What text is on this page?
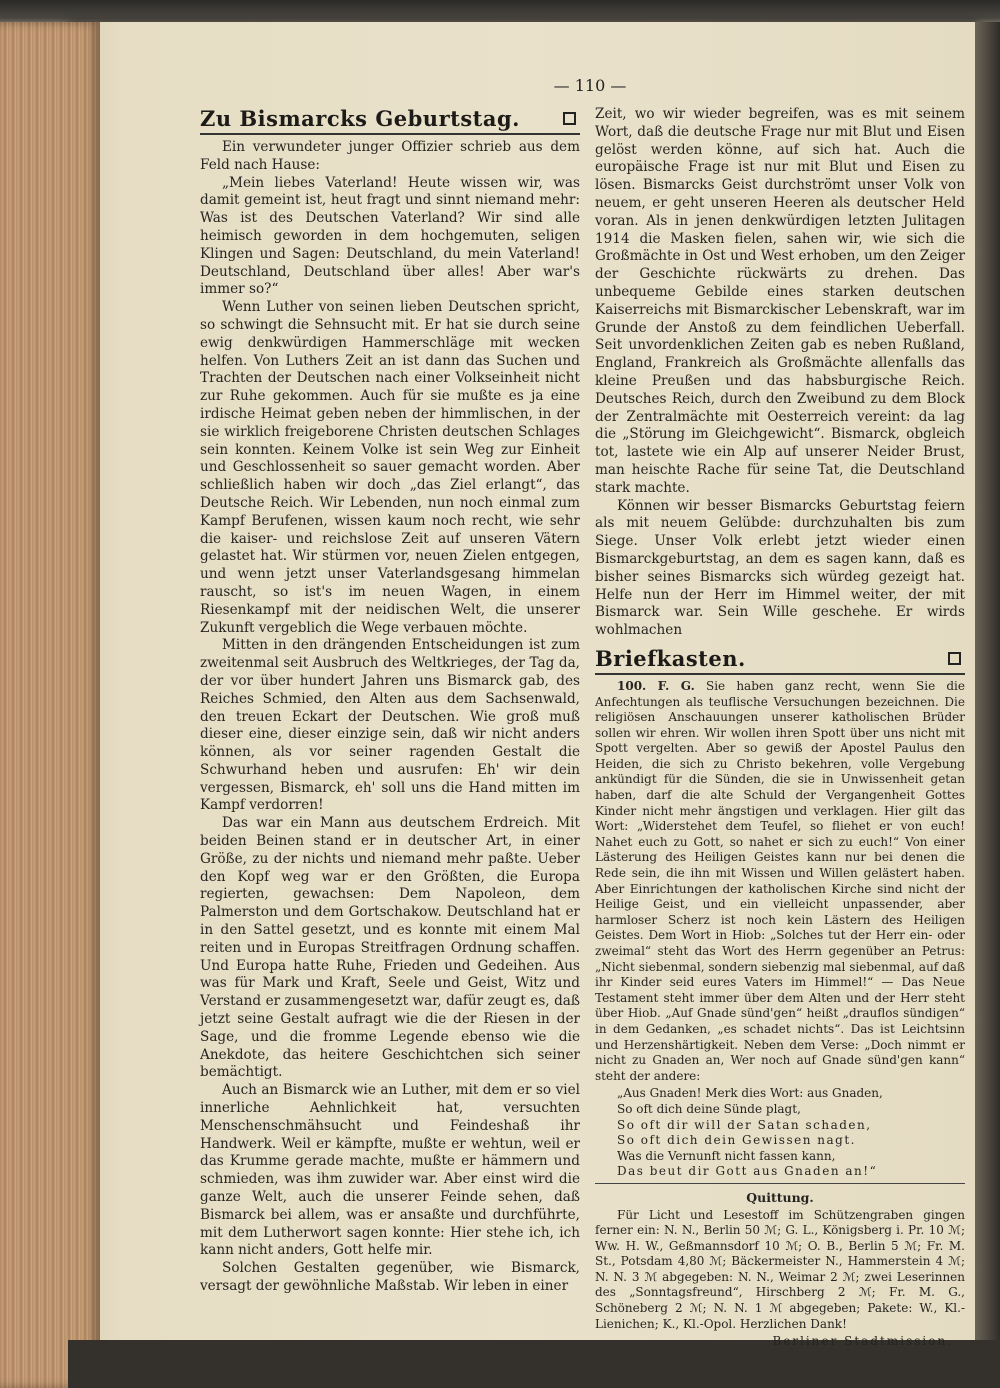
— 110 —
Zu Bismarcks Geburtstag.

Ein verwundeter junger Offizier schrieb aus dem Feld nach Hause:

„Mein liebes Vaterland! Heute wissen wir, was damit gemeint ist, heut fragt und sinnt niemand mehr: Was ist des Deutschen Vaterland? Wir sind alle heimisch geworden in dem hochgemuten, seligen Klingen und Sagen: Deutschland, du mein Vaterland! Deutschland, Deutschland über alles! Aber war's immer so?“

Wenn Luther von seinen lieben Deutschen spricht, so schwingt die Sehnsucht mit. Er hat sie durch seine ewig denkwürdigen Hammerschläge mit wecken helfen. Von Luthers Zeit an ist dann das Suchen und Trachten der Deutschen nach einer Volkseinheit nicht zur Ruhe gekommen. Auch für sie mußte es ja eine irdische Heimat geben neben der himmlischen, in der sie wirklich freigeborene Christen deutschen Schlages sein konnten. Keinem Volke ist sein Weg zur Einheit und Geschlossenheit so sauer gemacht worden. Aber schließlich haben wir doch „das Ziel erlangt“, das Deutsche Reich. Wir Lebenden, nun noch einmal zum Kampf Berufenen, wissen kaum noch recht, wie sehr die kaiser- und reichslose Zeit auf unseren Vätern gelastet hat. Wir stürmen vor, neuen Zielen entgegen, und wenn jetzt unser Vaterlandsgesang himmelan rauscht, so ist's im neuen Wagen, in einem Riesenkampf mit der neidischen Welt, die unserer Zukunft vergeblich die Wege verbauen möchte.

Mitten in den drängenden Entscheidungen ist zum zweitenmal seit Ausbruch des Weltkrieges, der Tag da, der vor über hundert Jahren uns Bismarck gab, des Reiches Schmied, den Alten aus dem Sachsenwald, den treuen Eckart der Deutschen. Wie groß muß dieser eine, dieser einzige sein, daß wir nicht anders können, als vor seiner ragenden Gestalt die Schwurhand heben und ausrufen: Eh' wir dein vergessen, Bismarck, eh' soll uns die Hand mitten im Kampf verdorren!

Das war ein Mann aus deutschem Erdreich. Mit beiden Beinen stand er in deutscher Art, in einer Größe, zu der nichts und niemand mehr paßte. Ueber den Kopf weg war er den Größten, die Europa regierten, gewachsen: Dem Napoleon, dem Palmerston und dem Gortschakow. Deutschland hat er in den Sattel gesetzt, und es konnte mit einem Mal reiten und in Europas Streitfragen Ordnung schaffen. Und Europa hatte Ruhe, Frieden und Gedeihen. Aus was für Mark und Kraft, Seele und Geist, Witz und Verstand er zusammengesetzt war, dafür zeugt es, daß jetzt seine Gestalt aufragt wie die der Riesen in der Sage, und die fromme Legende ebenso wie die Anekdote, das heitere Geschichtchen sich seiner bemächtigt.

Auch an Bismarck wie an Luther, mit dem er so viel innerliche Aehnlichkeit hat, versuchten Menschenschmähsucht und Feindeshaß ihr Handwerk. Weil er kämpfte, mußte er wehtun, weil er das Krumme gerade machte, mußte er hämmern und schmieden, was ihm zuwider war. Aber einst wird die ganze Welt, auch die unserer Feinde sehen, daß Bismarck bei allem, was er ansaßte und durchführte, mit dem Lutherwort sagen konnte: Hier stehe ich, ich kann nicht anders, Gott helfe mir.

Solchen Gestalten gegenüber, wie Bismarck, versagt der gewöhnliche Maßstab. Wir leben in einer

Zeit, wo wir wieder begreifen, was es mit seinem Wort, daß die deutsche Frage nur mit Blut und Eisen gelöst werden könne, auf sich hat. Auch die europäische Frage ist nur mit Blut und Eisen zu lösen. Bismarcks Geist durchströmt unser Volk von neuem, er geht unseren Heeren als deutscher Held voran. Als in jenen denkwürdigen letzten Julitagen 1914 die Masken fielen, sahen wir, wie sich die Großmächte in Ost und West erhoben, um den Zeiger der Geschichte rückwärts zu drehen. Das unbequeme Gebilde eines starken deutschen Kaiserreichs mit Bismarckischer Lebenskraft, war im Grunde der Anstoß zu dem feindlichen Ueberfall. Seit unvordenklichen Zeiten gab es neben Rußland, England, Frankreich als Großmächte allenfalls das kleine Preußen und das habsburgische Reich. Deutsches Reich, durch den Zweibund zu dem Block der Zentralmächte mit Oesterreich vereint: da lag die „Störung im Gleichgewicht“. Bismarck, obgleich tot, lastete wie ein Alp auf unserer Neider Brust, man heischte Rache für seine Tat, die Deutschland stark machte.

Können wir besser Bismarcks Geburtstag feiern als mit neuem Gelübde: durchzuhalten bis zum Siege. Unser Volk erlebt jetzt wieder einen Bismarckgeburtstag, an dem es sagen kann, daß es bisher seines Bismarcks sich würdeg gezeigt hat. Helfe nun der Herr im Himmel weiter, der mit Bismarck war. Sein Wille geschehe. Er wirds wohlmachen

Briefkasten.

100. F. G. Sie haben ganz recht, wenn Sie die Anfechtungen als teuflische Versuchungen bezeichnen. Die religiösen Anschauungen unserer katholischen Brüder sollen wir ehren. Wir wollen ihren Spott über uns nicht mit Spott vergelten. Aber so gewiß der Apostel Paulus den Heiden, die sich zu Christo bekehren, volle Vergebung ankündigt für die Sünden, die sie in Unwissenheit getan haben, darf die alte Schuld der Vergangenheit Gottes Kinder nicht mehr ängstigen und verklagen. Hier gilt das Wort: „Widerstehet dem Teufel, so fliehet er von euch! Nahet euch zu Gott, so nahet er sich zu euch!“ Von einer Lästerung des Heiligen Geistes kann nur bei denen die Rede sein, die ihn mit Wissen und Willen gelästert haben. Aber Einrichtungen der katholischen Kirche sind nicht der Heilige Geist, und ein vielleicht unpassender, aber harmloser Scherz ist noch kein Lästern des Heiligen Geistes. Dem Wort in Hiob: „Solches tut der Herr ein- oder zweimal“ steht das Wort des Herrn gegenüber an Petrus: „Nicht siebenmal, sondern siebenzig mal siebenmal, auf daß ihr Kinder seid eures Vaters im Himmel!“ — Das Neue Testament steht immer über dem Alten und der Herr steht über Hiob. „Auf Gnade sünd'gen“ heißt „drauflos sündigen“ in dem Gedanken, „es schadet nichts“. Das ist Leichtsinn und Herzenshärtigkeit. Neben dem Verse: „Doch nimmt er nicht zu Gnaden an, Wer noch auf Gnade sünd'gen kann“ steht der andere:

„Aus Gnaden! Merk dies Wort: aus Gnaden,
So oft dich deine Sünde plagt,
So oft dir will der Satan schaden,
So oft dich dein Gewissen nagt.
Was die Vernunft nicht fassen kann,
Das beut dir Gott aus Gnaden an!“
Quittung.

Für Licht und Lesestoff im Schützengraben gingen ferner ein: N. N., Berlin 50 ℳ; G. L., Königsberg i. Pr. 10 ℳ; Ww. H. W., Geßmannsdorf 10 ℳ; O. B., Berlin 5 ℳ; Fr. M. St., Potsdam 4,80 ℳ; Bäckermeister N., Hammerstein 4 ℳ; N. N. 3 ℳ abgegeben: N. N., Weimar 2 ℳ; zwei Leserinnen des „Sonntagsfreund“, Hirschberg 2 ℳ; Fr. M. G., Schöneberg 2 ℳ; N. N. 1 ℳ abgegeben; Pakete: W., Kl.-Lienichen; K., Kl.-Opol. Herzlichen Dank!

Berliner Stadtmission.
